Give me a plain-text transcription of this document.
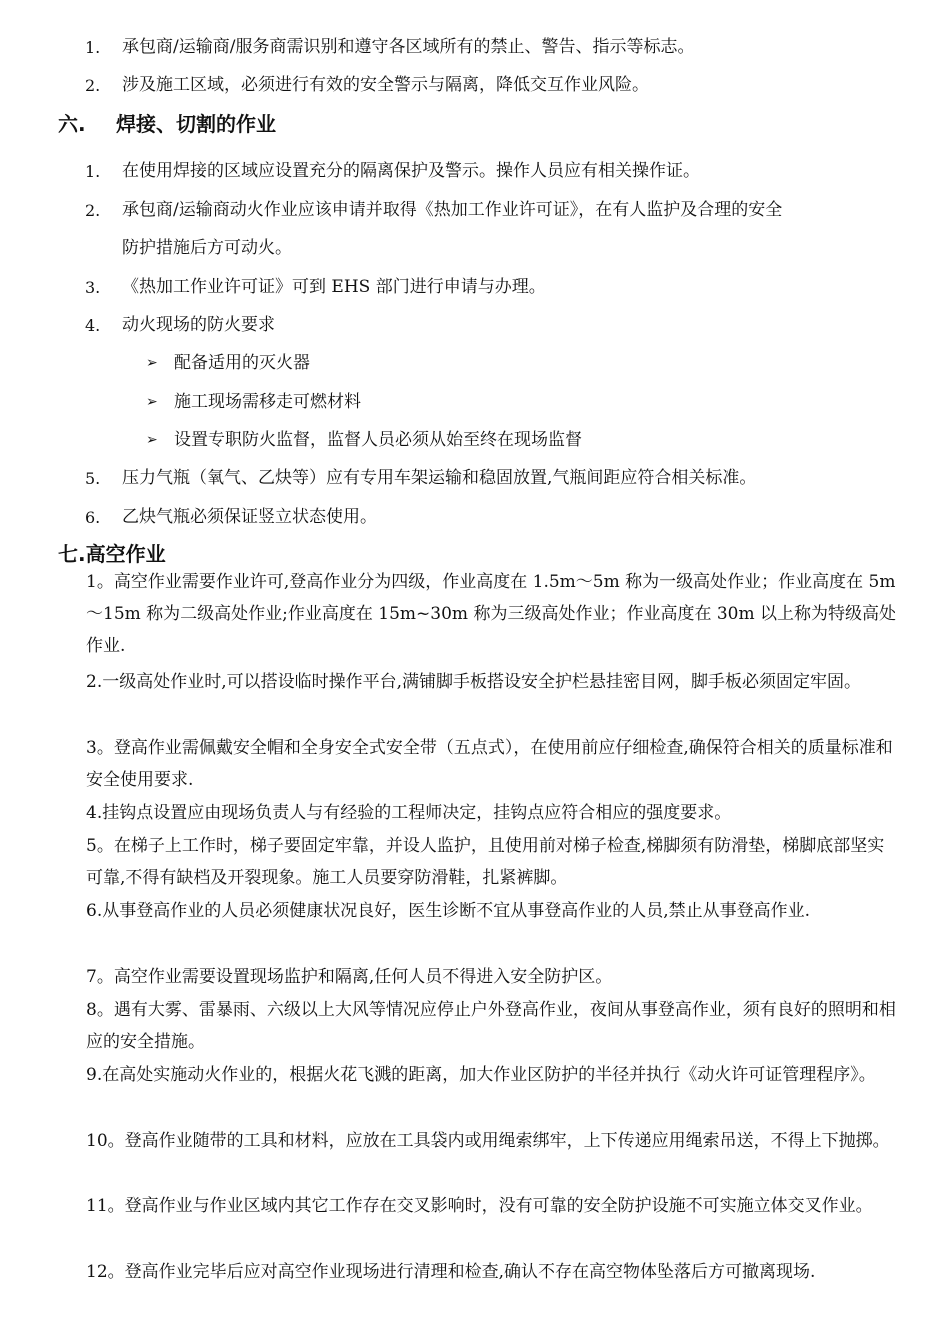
1. 承包商/运输商/服务商需识别和遵守各区域所有的禁止、警告、指示等标志。
2. 涉及施工区域，必须进行有效的安全警示与隔离，降低交互作业风险。
六. 焊接、切割的作业
1. 在使用焊接的区域应设置充分的隔离保护及警示。操作人员应有相关操作证。
2. 承包商/运输商动火作业应该申请并取得《热加工作业许可证》，在有人监护及合理的安全
防护措施后方可动火。
3. 《热加工作业许可证》可到 EHS 部门进行申请与办理。
4. 动火现场的防火要求
➢ 配备适用的灭火器
➢ 施工现场需移走可燃材料
➢ 设置专职防火监督，监督人员必须从始至终在现场监督
5. 压力气瓶（氧气、乙炔等）应有专用车架运输和稳固放置,气瓶间距应符合相关标准。
6. 乙炔气瓶必须保证竖立状态使用。
七.高空作业
1。高空作业需要作业许可,登高作业分为四级，作业高度在 1.5m～5m 称为一级高处作业；作业高度在 5m～15m 称为二级高处作业;作业高度在 15m~30m 称为三级高处作业；作业高度在 30m 以上称为特级高处作业.
2.一级高处作业时,可以搭设临时操作平台,满铺脚手板搭设安全护栏悬挂密目网，脚手板必须固定牢固。
3。登高作业需佩戴安全帽和全身安全式安全带（五点式），在使用前应仔细检查,确保符合相关的质量标准和安全使用要求.
4.挂钩点设置应由现场负责人与有经验的工程师决定，挂钩点应符合相应的强度要求。
5。在梯子上工作时，梯子要固定牢靠，并设人监护，且使用前对梯子检查,梯脚须有防滑垫，梯脚底部坚实可靠,不得有缺档及开裂现象。施工人员要穿防滑鞋，扎紧裤脚。
6.从事登高作业的人员必须健康状况良好，医生诊断不宜从事登高作业的人员,禁止从事登高作业.
7。高空作业需要设置现场监护和隔离,任何人员不得进入安全防护区。
8。遇有大雾、雷暴雨、六级以上大风等情况应停止户外登高作业，夜间从事登高作业，须有良好的照明和相应的安全措施。
9.在高处实施动火作业的，根据火花飞溅的距离，加大作业区防护的半径并执行《动火许可证管理程序》。
10。登高作业随带的工具和材料，应放在工具袋内或用绳索绑牢，上下传递应用绳索吊送，不得上下抛掷。
11。登高作业与作业区域内其它工作存在交叉影响时，没有可靠的安全防护设施不可实施立体交叉作业。
12。登高作业完毕后应对高空作业现场进行清理和检查,确认不存在高空物体坠落后方可撤离现场.
